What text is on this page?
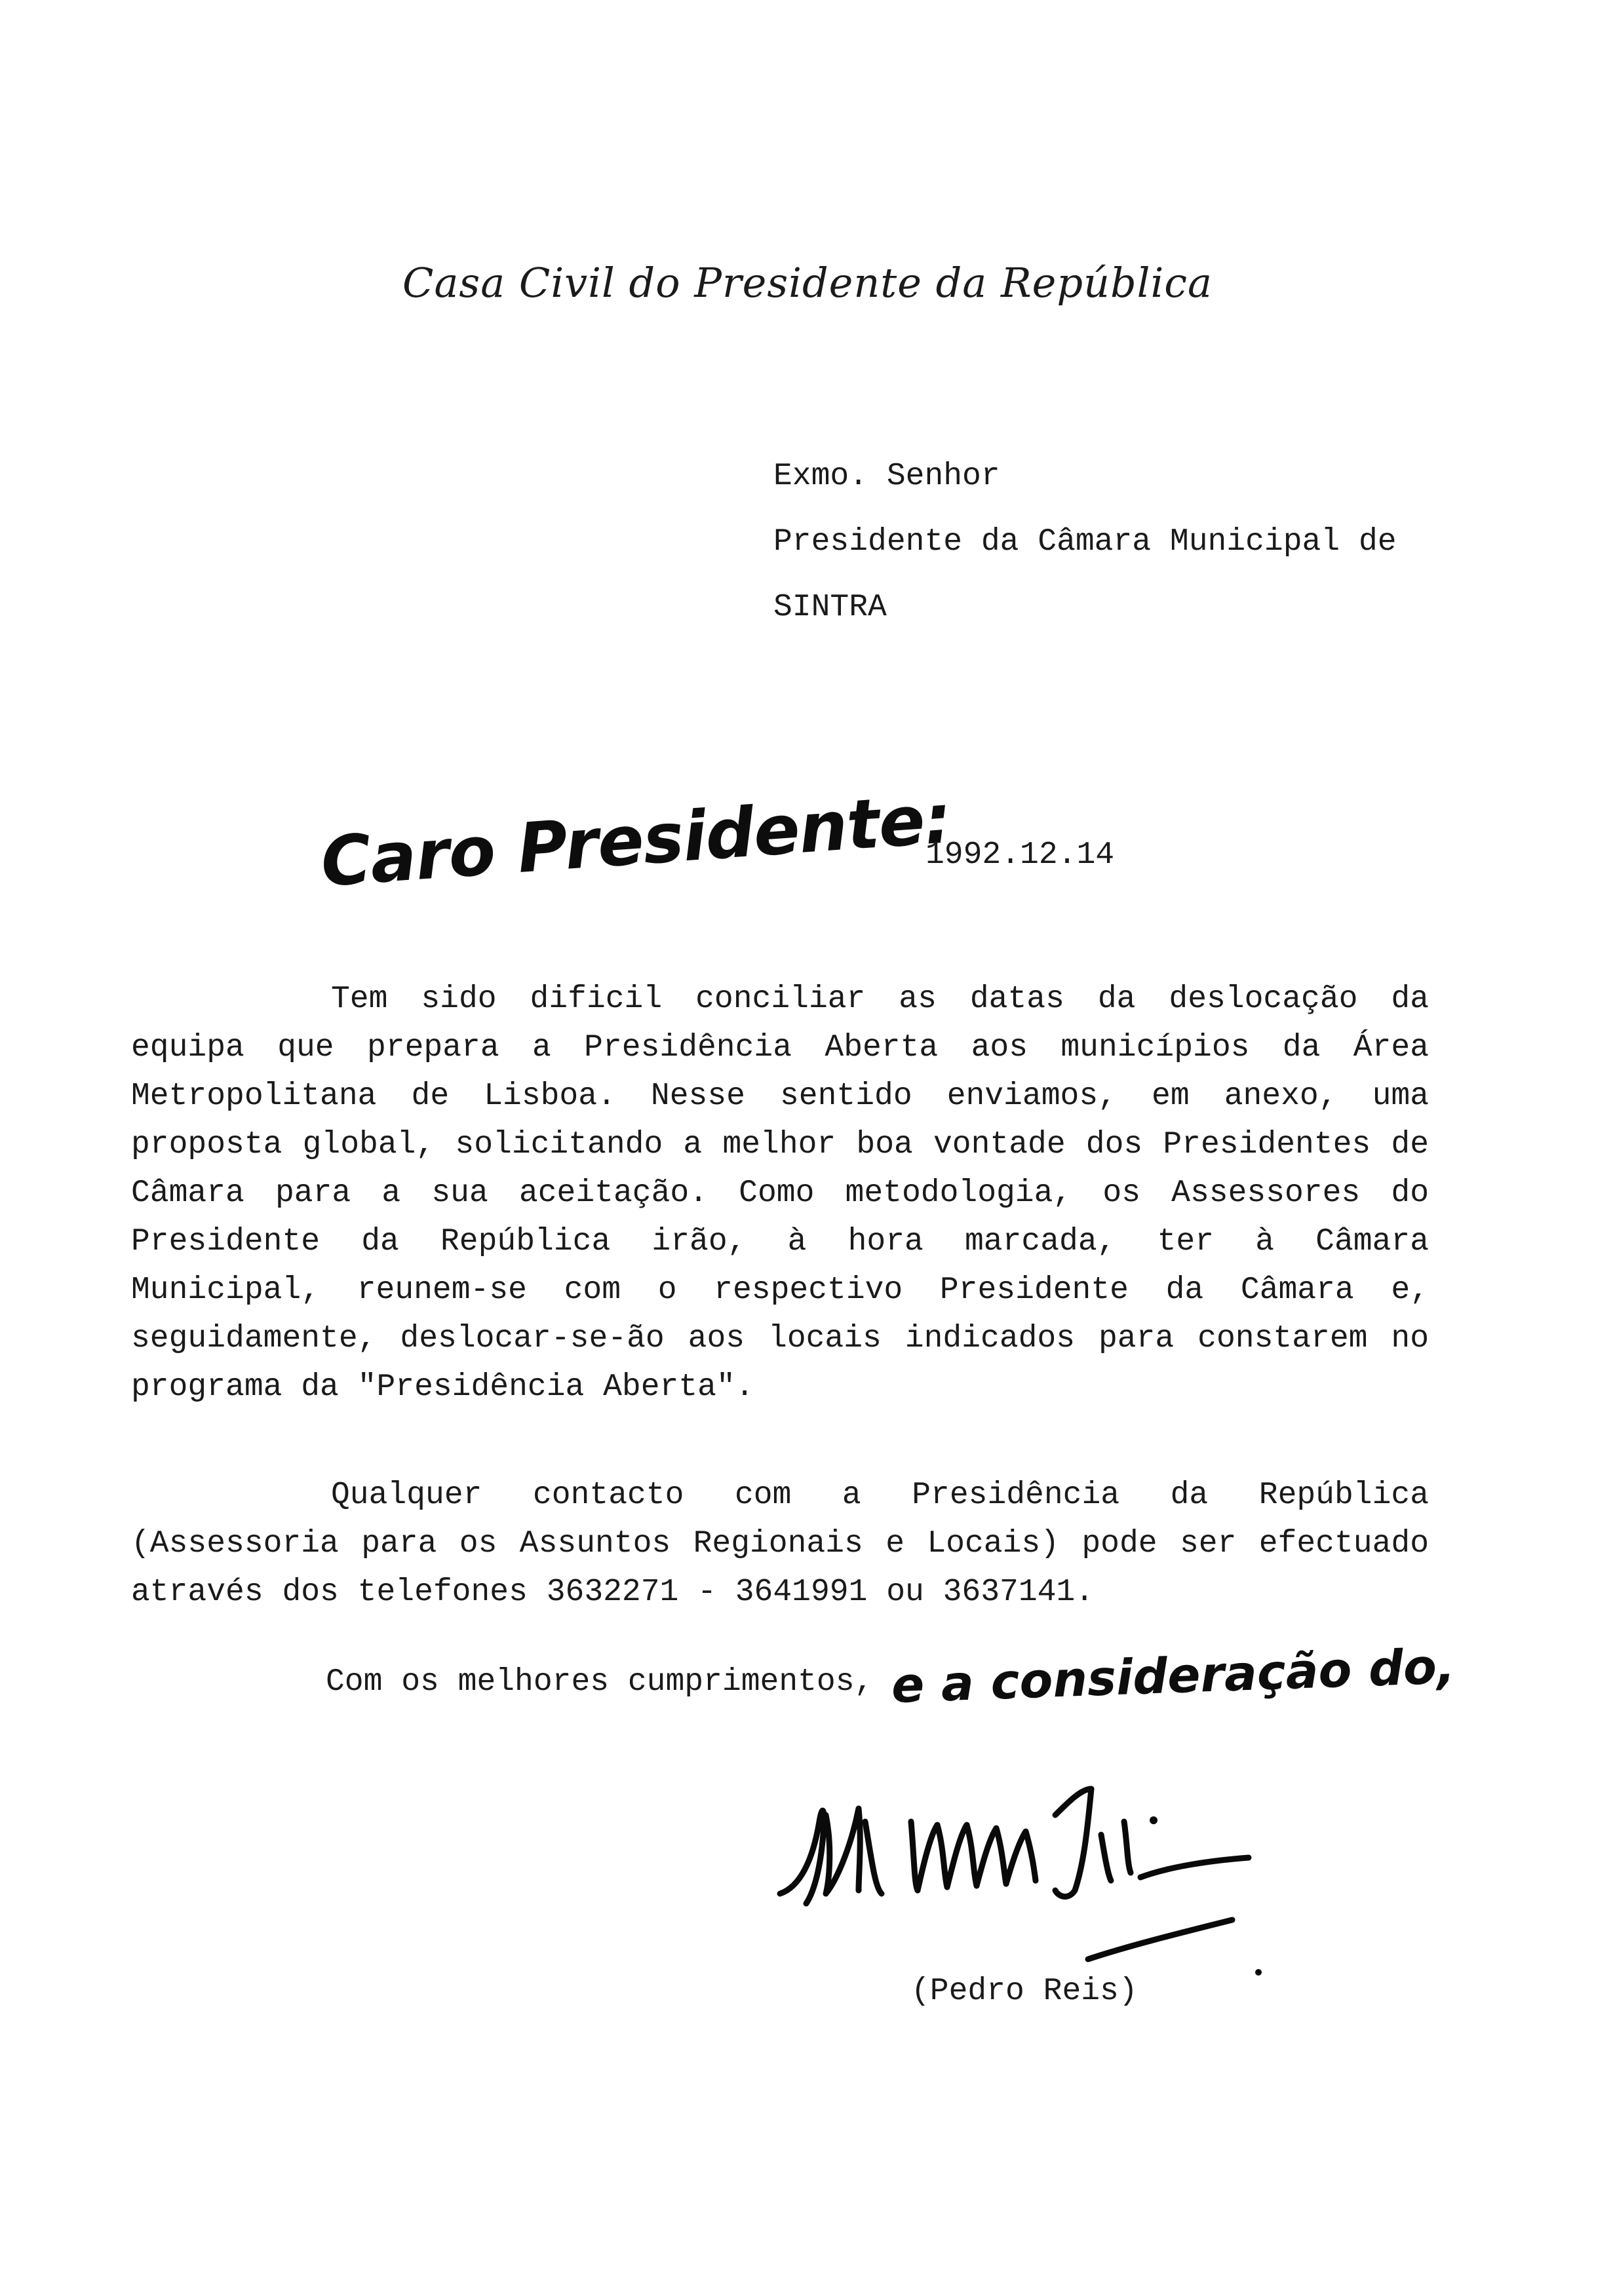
Casa Civil do Presidente da República
Exmo. Senhor
Presidente da Câmara Municipal de
SINTRA
Caro Presidente:
1992.12.14

Tem sido dificil conciliar as datas da deslocação da equipa que prepara a Presidência Aberta aos municípios da Área Metropolitana de Lisboa. Nesse sentido enviamos, em anexo, uma proposta global, solicitando a melhor boa vontade dos Presidentes de Câmara para a sua aceitação. Como metodologia, os Assessores do Presidente da República irão, à hora marcada, ter à Câmara Municipal, reunem-se com o respectivo Presidente da Câmara e, seguidamente, deslocar-se-ão aos locais indicados para constarem no programa da "Presidência Aberta".

Qualquer contacto com a Presidência da República (Assessoria para os Assuntos Regionais e Locais) pode ser efectuado através dos telefones 3632271 - 3641991 ou 3637141.

Com os melhores cumprimentos, e a consideração do,
(Pedro Reis)
